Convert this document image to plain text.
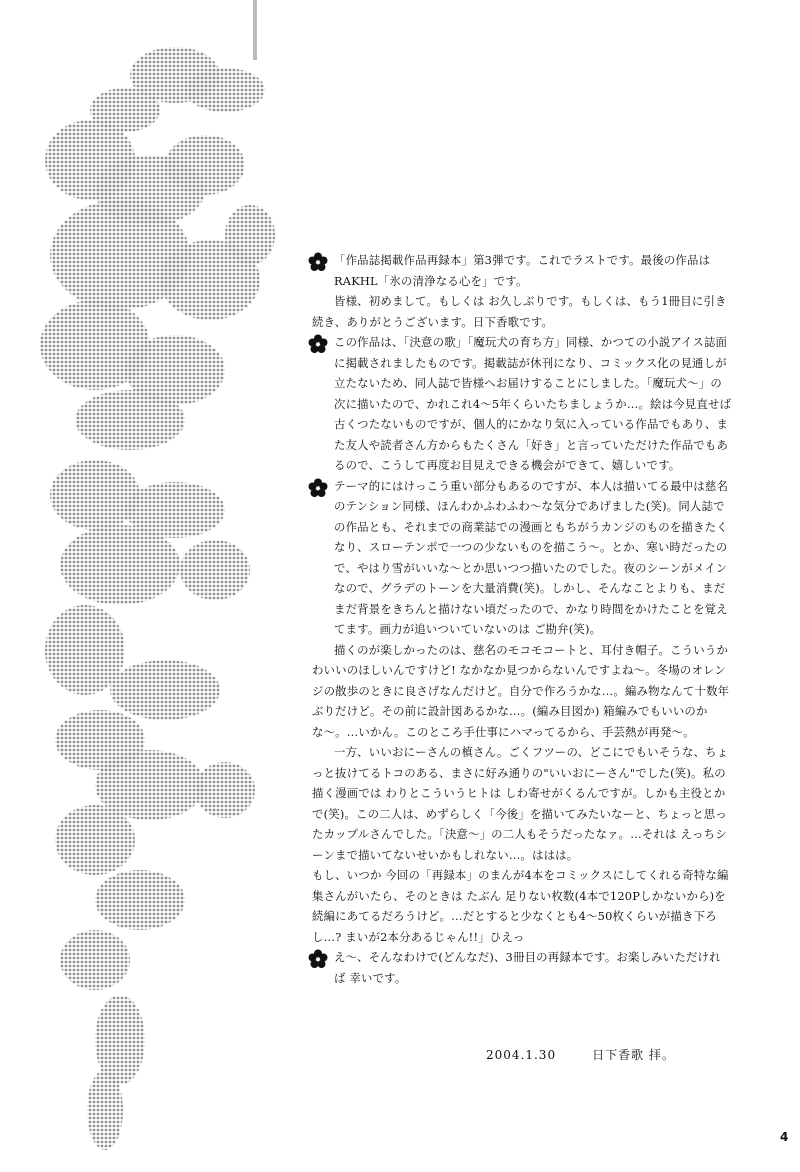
「作品誌掲載作品再録本」第3弾です。これでラストです。最後の作品は RAKHL「氷の清浄なる心を」です。

皆様、初めまして。もしくは お久しぶりです。もしくは、もう1冊目に引き続き、ありがとうございます。日下香歌です。

この作品は、「決意の歌」「魔玩犬の育ち方」同様、かつての小説アイス誌面に掲載されましたものです。掲載誌が休刊になり、コミックス化の見通しが立たないため、同人誌で皆様へお届けすることにしました。「魔玩犬〜」の次に描いたので、かれこれ4〜5年くらいたちましょうか…。絵は今見直せば古くつたないものですが、個人的にかなり気に入っている作品でもあり、また友人や読者さん方からもたくさん「好き」と言っていただけた作品でもあるので、こうして再度お目見えできる機会ができて、嬉しいです。

テーマ的にはけっこう重い部分もあるのですが、本人は描いてる最中は慈名のテンション同様、ほんわかふわふわ〜な気分であげました(笑)。同人誌での作品とも、それまでの商業誌での漫画ともちがうカンジのものを描きたくなり、スローテンポで一つの少ないものを描こう〜。とか、寒い時だったので、やはり雪がいいな〜とか思いつつ描いたのでした。夜のシーンがメインなので、グラデのトーンを大量消費(笑)。しかし、そんなことよりも、まだまだ背景をきちんと描けない頃だったので、かなり時間をかけたことを覚えてます。画力が追いついていないのは ご勘弁(笑)。

描くのが楽しかったのは、慈名のモコモコートと、耳付き帽子。こういうかわいいのほしいんですけど! なかなか見つからないんですよね〜。冬場のオレンジの散歩のときに良さげなんだけど。自分で作ろうかな…。編み物なんて十数年ぶりだけど。その前に設計図あるかな…。(編み目図か) 箱編みでもいいのかな〜。…いかん。このところ手仕事にハマってるから、手芸熱が再発〜。

一方、いいおにーさんの槙さん。ごくフツーの、どこにでもいそうな、ちょっと抜けてるトコのある、まさに好み通りの"いいおにーさん"でした(笑)。私の描く漫画では わりとこういうヒトは しわ寄せがくるんですが。しかも主役とかで(笑)。この二人は、めずらしく「今後」を描いてみたいなーと、ちょっと思ったカップルさんでした。「決意〜」の二人もそうだったなァ。…それは えっちシーンまで描いてないせいかもしれない…。ははは。

もし、いつか 今回の「再録本」のまんが4本をコミックスにしてくれる奇特な編集さんがいたら、そのときは たぶん 足りない枚数(4本で120Pしかないから)を 続編にあてるだろうけど。…だとすると少なくとも4〜50枚くらいが描き下ろし…? まいが2本分あるじゃん!!」ひえっ

え〜、そんなわけで(どんなだ)、3冊目の再録本です。お楽しみいただければ 幸いです。

2004.1.30	日下香歌 拝。
4
